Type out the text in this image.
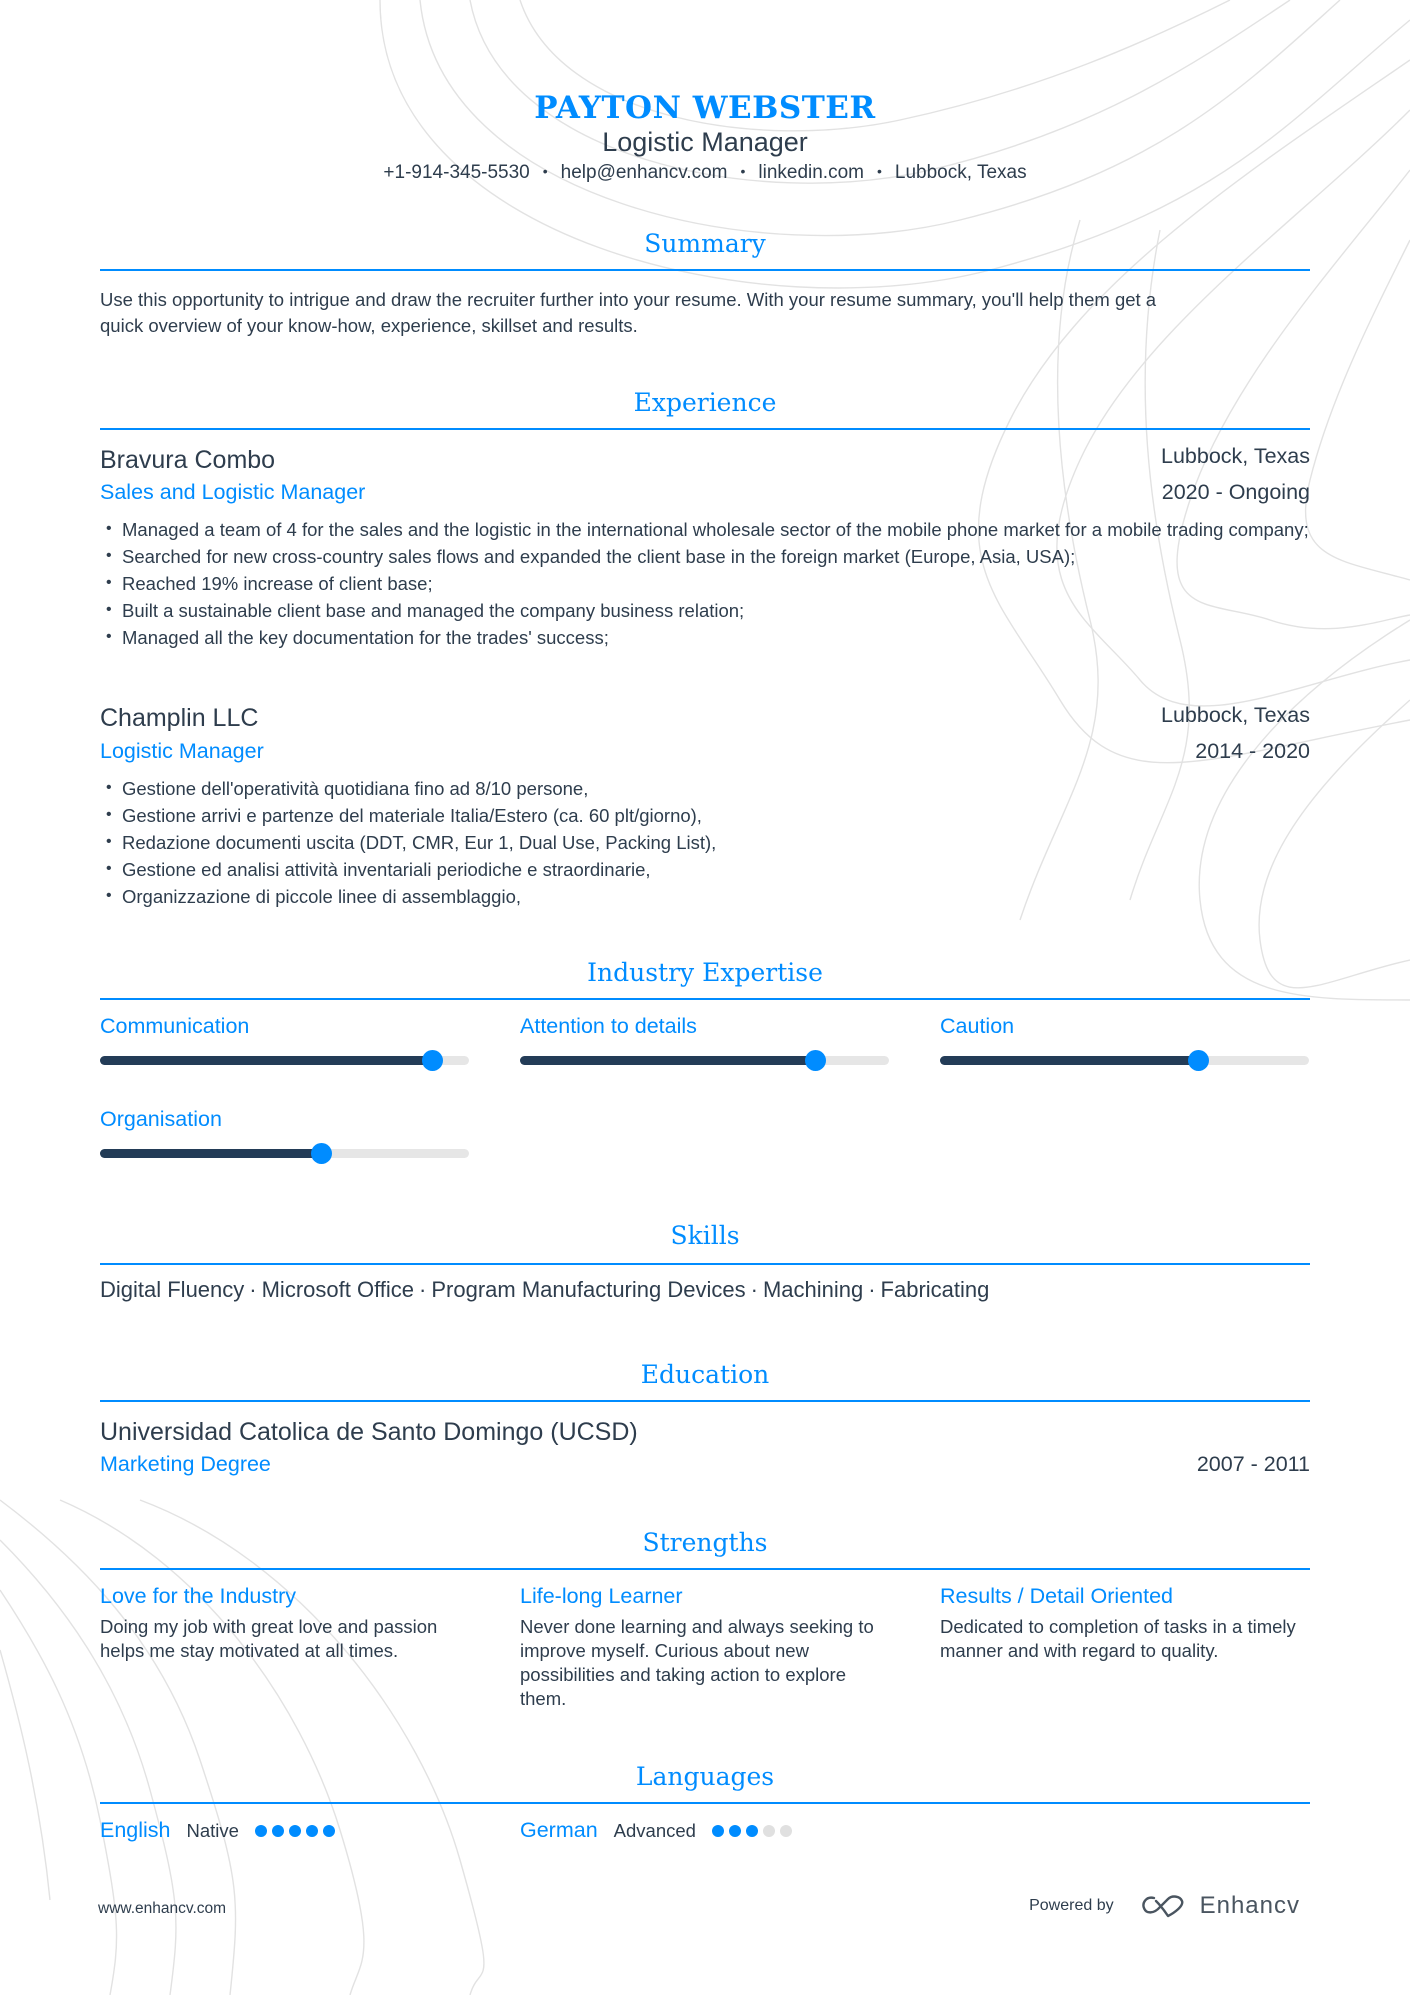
PAYTON WEBSTER
Logistic Manager
+1-914-345-5530 • help@enhancv.com • linkedin.com • Lubbock, Texas
Summary
Use this opportunity to intrigue and draw the recruiter further into your resume. With your resume summary, you'll help them get a
quick overview of your know-how, experience, skillset and results.
Experience
Bravura Combo	Lubbock, Texas
Sales and Logistic Manager	2020 - Ongoing
• Managed a team of 4 for the sales and the logistic in the international wholesale sector of the mobile phone market for a mobile trading company;
• Searched for new cross-country sales flows and expanded the client base in the foreign market (Europe, Asia, USA);
• Reached 19% increase of client base;
• Built a sustainable client base and managed the company business relation;
• Managed all the key documentation for the trades' success;
Champlin LLC	Lubbock, Texas
Logistic Manager	2014 - 2020
• Gestione dell'operatività quotidiana fino ad 8/10 persone,
• Gestione arrivi e partenze del materiale Italia/Estero (ca. 60 plt/giorno),
• Redazione documenti uscita (DDT, CMR, Eur 1, Dual Use, Packing List),
• Gestione ed analisi attività inventariali periodiche e straordinarie,
• Organizzazione di piccole linee di assemblaggio,
Industry Expertise
Communication	Attention to details	Caution
Organisation
Skills
Digital Fluency · Microsoft Office · Program Manufacturing Devices · Machining · Fabricating
Education
Universidad Catolica de Santo Domingo (UCSD)
Marketing Degree	2007 - 2011
Strengths
Love for the Industry
Doing my job with great love and passion helps me stay motivated at all times.
Life-long Learner
Never done learning and always seeking to improve myself. Curious about new possibilities and taking action to explore them.
Results / Detail Oriented
Dedicated to completion of tasks in a timely manner and with regard to quality.
Languages
English Native	German Advanced
www.enhancv.com	Powered by	Enhancv
